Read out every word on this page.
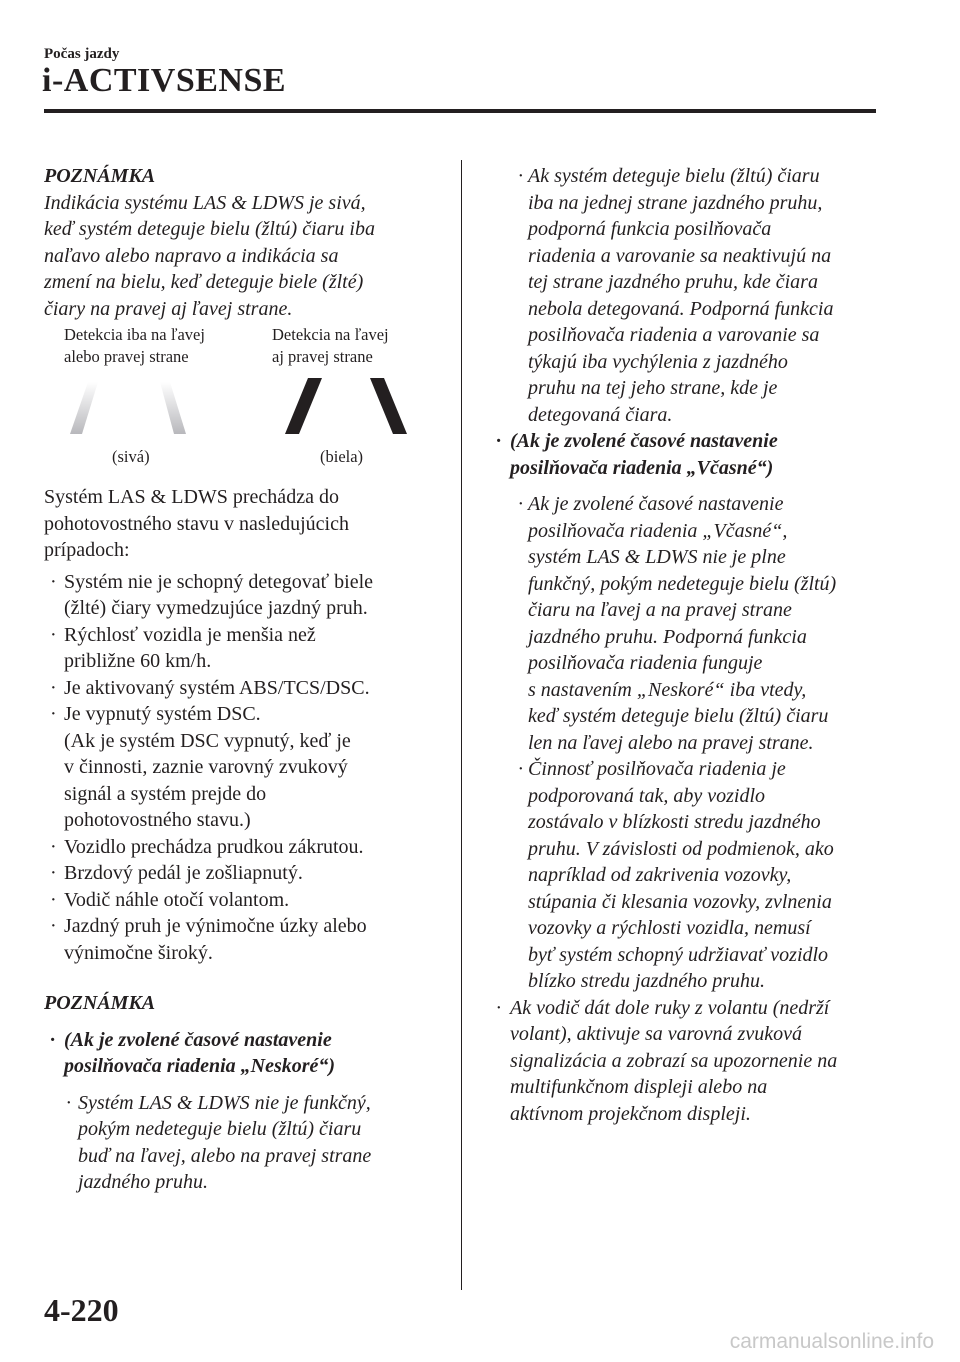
Počas jazdy
i-ACTIVSENSE
POZNÁMKA
Indikácia systému LAS & LDWS je sivá,
keď systém deteguje bielu (žltú) čiaru iba
naľavo alebo napravo a indikácia sa
zmení na bielu, keď deteguje biele (žlté)
čiary na pravej aj ľavej strane.
Detekcia iba na ľavej
alebo pravej strane
Detekcia na ľavej
aj pravej strane
(sivá)	(biela)
Systém LAS & LDWS prechádza do
pohotovostného stavu v nasledujúcich
prípadoch:
· Systém nie je schopný detegovať biele
(žlté) čiary vymedzujúce jazdný pruh.
· Rýchlosť vozidla je menšia než
približne 60 km/h.
· Je aktivovaný systém ABS/TCS/DSC.
· Je vypnutý systém DSC.
(Ak je systém DSC vypnutý, keď je
v činnosti, zaznie varovný zvukový
signál a systém prejde do
pohotovostného stavu.)
· Vozidlo prechádza prudkou zákrutou.
· Brzdový pedál je zošliapnutý.
· Vodič náhle otočí volantom.
· Jazdný pruh je výnimočne úzky alebo
výnimočne široký.
POZNÁMKA
· (Ak je zvolené časové nastavenie
posilňovača riadenia „Neskoré“)
· Systém LAS & LDWS nie je funkčný,
pokým nedeteguje bielu (žltú) čiaru
buď na ľavej, alebo na pravej strane
jazdného pruhu.
· Ak systém deteguje bielu (žltú) čiaru
iba na jednej strane jazdného pruhu,
podporná funkcia posilňovača
riadenia a varovanie sa neaktivujú na
tej strane jazdného pruhu, kde čiara
nebola detegovaná. Podporná funkcia
posilňovača riadenia a varovanie sa
týkajú iba vychýlenia z jazdného
pruhu na tej jeho strane, kde je
detegovaná čiara.
· (Ak je zvolené časové nastavenie
posilňovača riadenia „Včasné“)
· Ak je zvolené časové nastavenie
posilňovača riadenia „Včasné“,
systém LAS & LDWS nie je plne
funkčný, pokým nedeteguje bielu (žltú)
čiaru na ľavej a na pravej strane
jazdného pruhu. Podporná funkcia
posilňovača riadenia funguje
s nastavením „Neskoré“ iba vtedy,
keď systém deteguje bielu (žltú) čiaru
len na ľavej alebo na pravej strane.
· Činnosť posilňovača riadenia je
podporovaná tak, aby vozidlo
zostávalo v blízkosti stredu jazdného
pruhu. V závislosti od podmienok, ako
napríklad od zakrivenia vozovky,
stúpania či klesania vozovky, zvlnenia
vozovky a rýchlosti vozidla, nemusí
byť systém schopný udržiavať vozidlo
blízko stredu jazdného pruhu.
· Ak vodič dát dole ruky z volantu (nedrží
volant), aktivuje sa varovná zvuková
signalizácia a zobrazí sa upozornenie na
multifunkčnom displeji alebo na
aktívnom projekčnom displeji.
4-220
carmanualsonline.info
